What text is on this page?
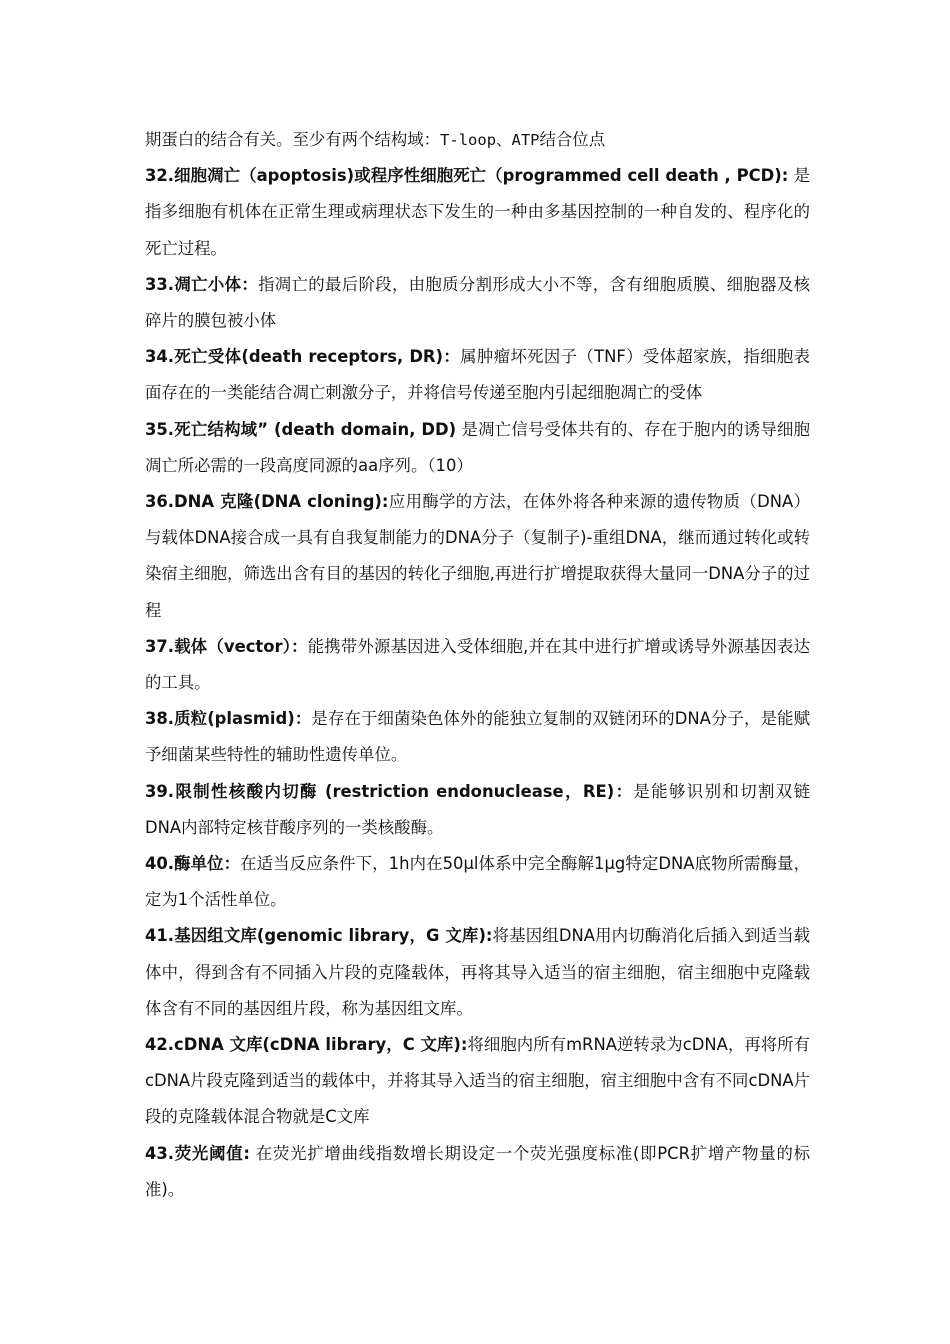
期蛋白的结合有关。至少有两个结构域：T-loop、ATP结合位点

32.细胞凋亡（apoptosis)或程序性细胞死亡（programmed cell death , PCD): 是指多细胞有机体在正常生理或病理状态下发生的一种由多基因控制的一种自发的、程序化的死亡过程。

33.凋亡小体：指凋亡的最后阶段，由胞质分割形成大小不等，含有细胞质膜、细胞器及核碎片的膜包被小体

34.死亡受体(death receptors, DR)：属肿瘤坏死因子（TNF）受体超家族，指细胞表面存在的一类能结合凋亡刺激分子，并将信号传递至胞内引起细胞凋亡的受体

35.死亡结构域” (death domain, DD) 是凋亡信号受体共有的、存在于胞内的诱导细胞凋亡所必需的一段高度同源的aa序列。（10）

36.DNA 克隆(DNA cloning):应用酶学的方法，在体外将各种来源的遗传物质（DNA）与载体DNA接合成一具有自我复制能力的DNA分子（复制子)-重组DNA，继而通过转化或转染宿主细胞，筛选出含有目的基因的转化子细胞,再进行扩增提取获得大量同一DNA分子的过程

37.载体（vector）：能携带外源基因进入受体细胞,并在其中进行扩增或诱导外源基因表达的工具。

38.质粒(plasmid)：是存在于细菌染色体外的能独立复制的双链闭环的DNA分子，是能赋予细菌某些特性的辅助性遗传单位。

39.限制性核酸内切酶 (restriction endonuclease，RE)：是能够识别和切割双链DNA内部特定核苷酸序列的一类核酸酶。

40.酶单位：在适当反应条件下，1h内在50μl体系中完全酶解1μg特定DNA底物所需酶量，定为1个活性单位。

41.基因组文库(genomic library，G 文库):将基因组DNA用内切酶消化后插入到适当载体中，得到含有不同插入片段的克隆载体，再将其导入适当的宿主细胞，宿主细胞中克隆载体含有不同的基因组片段，称为基因组文库。

42.cDNA 文库(cDNA library，C 文库):将细胞内所有mRNA逆转录为cDNA，再将所有cDNA片段克隆到适当的载体中，并将其导入适当的宿主细胞，宿主细胞中含有不同cDNA片段的克隆载体混合物就是C文库

43.荧光阈值: 在荧光扩增曲线指数增长期设定一个荧光强度标准(即PCR扩增产物量的标准)。
